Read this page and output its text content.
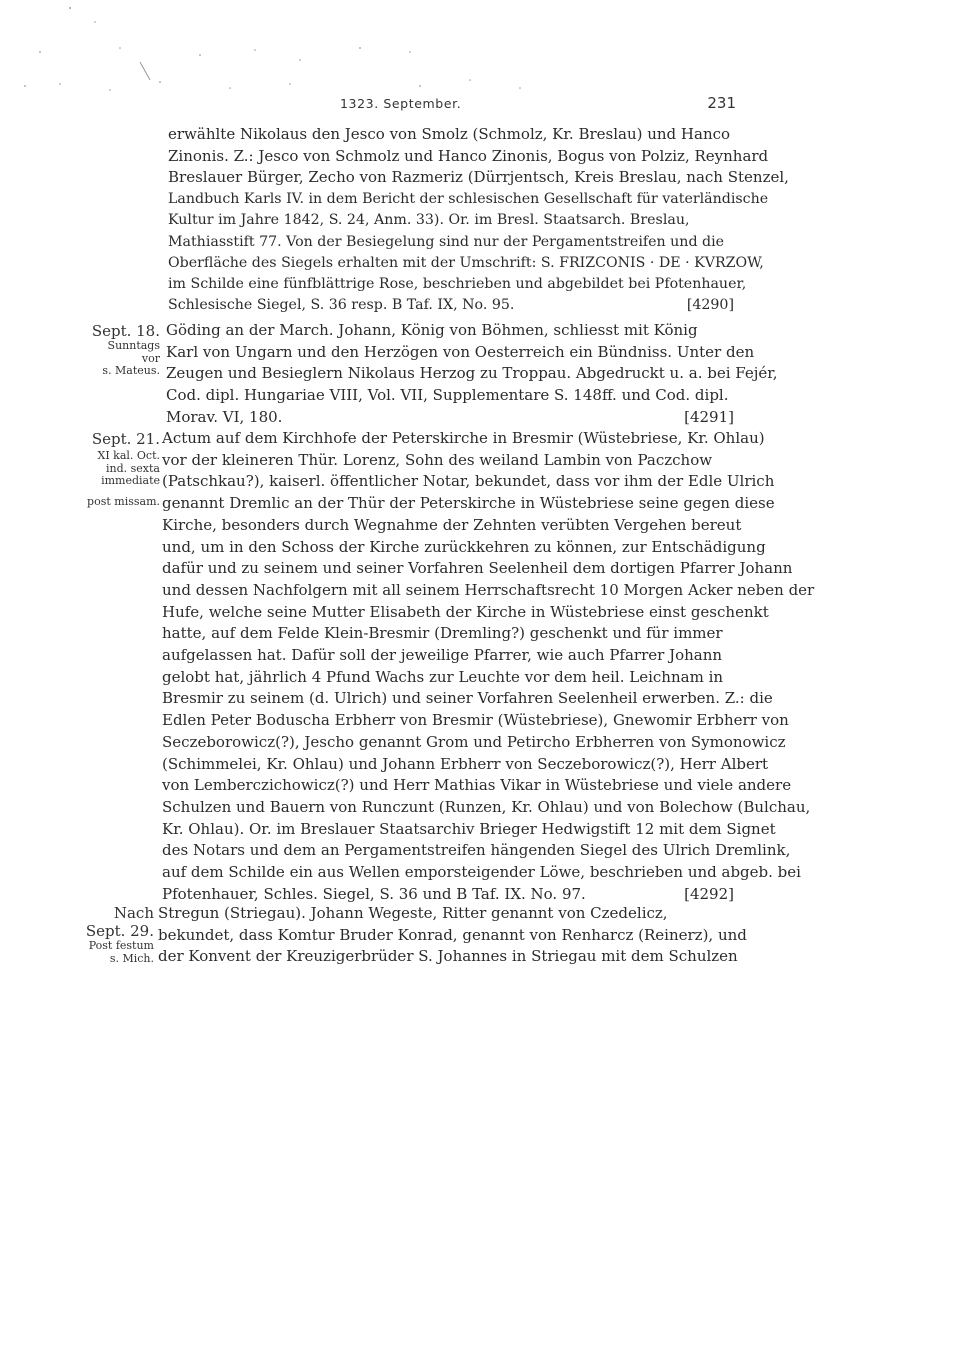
1323. September.	231
erwählte Nikolaus den Jesco von Smolz (Schmolz, Kr. Breslau) und Hanco
Zinonis. Z.: Jesco von Schmolz und Hanco Zinonis, Bogus von Polziz, Reynhard
Breslauer Bürger, Zecho von Razmeriz (Dürrjentsch, Kreis Breslau, nach Stenzel,
Landbuch Karls IV. in dem Bericht der schlesischen Gesellschaft für vaterländische
Kultur im Jahre 1842, S. 24, Anm. 33). Or. im Bresl. Staatsarch. Breslau,
Mathiasstift 77. Von der Besiegelung sind nur der Pergamentstreifen und die
Oberfläche des Siegels erhalten mit der Umschrift: S. FRIZCONIS · DE · KVRZOW,
im Schilde eine fünfblättrige Rose, beschrieben und abgebildet bei Pfotenhauer,
Schlesische Siegel, S. 36 resp. B Taf. IX, No. 95.	[4290]
Sept. 18.
Sunntags vor
s. Mateus.
Göding an der March. Johann, König von Böhmen, schliesst mit König
Karl von Ungarn und den Herzögen von Oesterreich ein Bündniss. Unter den
Zeugen und Besieglern Nikolaus Herzog zu Troppau. Abgedruckt u. a. bei Fejér,
Cod. dipl. Hungariae VIII, Vol. VII, Supplementare S. 148ff. und Cod. dipl.
Morav. VI, 180.	[4291]
Sept. 21.
XI kal. Oct.
ind. sexta
immediate
post missam.
Actum auf dem Kirchhofe der Peterskirche in Bresmir (Wüstebriese, Kr. Ohlau)
vor der kleineren Thür. Lorenz, Sohn des weiland Lambin von Paczchow
(Patschkau?), kaiserl. öffentlicher Notar, bekundet, dass vor ihm der Edle Ulrich
genannt Dremlic an der Thür der Peterskirche in Wüstebriese seine gegen diese
Kirche, besonders durch Wegnahme der Zehnten verübten Vergehen bereut
und, um in den Schoss der Kirche zurückkehren zu können, zur Entschädigung
dafür und zu seinem und seiner Vorfahren Seelenheil dem dortigen Pfarrer Johann
und dessen Nachfolgern mit all seinem Herrschaftsrecht 10 Morgen Acker neben der
Hufe, welche seine Mutter Elisabeth der Kirche in Wüstebriese einst geschenkt
hatte, auf dem Felde Klein-Bresmir (Dremling?) geschenkt und für immer
aufgelassen hat. Dafür soll der jeweilige Pfarrer, wie auch Pfarrer Johann
gelobt hat, jährlich 4 Pfund Wachs zur Leuchte vor dem heil. Leichnam in
Bresmir zu seinem (d. Ulrich) und seiner Vorfahren Seelenheil erwerben. Z.: die
Edlen Peter Boduscha Erbherr von Bresmir (Wüstebriese), Gnewomir Erbherr von
Seczeborowicz(?), Jescho genannt Grom und Petircho Erbherren von Symonowicz
(Schimmelei, Kr. Ohlau) und Johann Erbherr von Seczeborowicz(?), Herr Albert
von Lemberczichowicz(?) und Herr Mathias Vikar in Wüstebriese und viele andere
Schulzen und Bauern von Runczunt (Runzen, Kr. Ohlau) und von Bolechow (Bulchau,
Kr. Ohlau). Or. im Breslauer Staatsarchiv Brieger Hedwigstift 12 mit dem Signet
des Notars und dem an Pergamentstreifen hängenden Siegel des Ulrich Dremlink,
auf dem Schilde ein aus Wellen emporsteigender Löwe, beschrieben und abgeb. bei
Pfotenhauer, Schles. Siegel, S. 36 und B Taf. IX. No. 97.	[4292]
Nach
Sept. 29.
Post festum
s. Mich.
Stregun (Striegau). Johann Wegeste, Ritter genannt von Czedelicz,
bekundet, dass Komtur Bruder Konrad, genannt von Renharcz (Reinerz), und
der Konvent der Kreuzigerbrüder S. Johannes in Striegau mit dem Schulzen
